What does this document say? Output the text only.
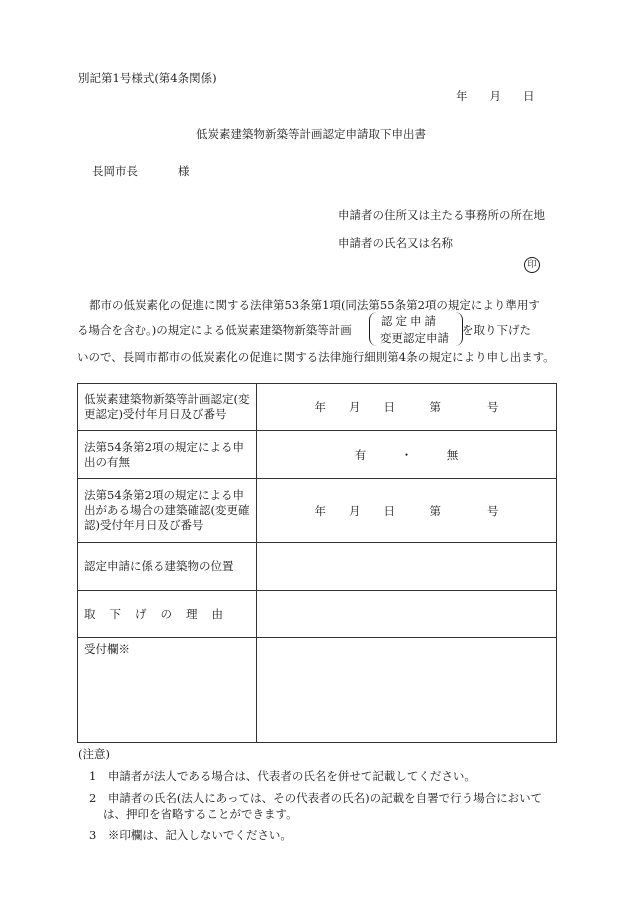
別記第1号様式(第4条関係)
年 月 日
低炭素建築物新築等計画認定申請取下申出書
長岡市長	様
申請者の住所又は主たる事務所の所在地
申請者の氏名又は名称
印
都市の低炭素化の促進に関する法律第53条第1項(同法第55条第2項の規定により準用す
る場合を含む。)の規定による低炭素建築物新築等計画
認定申請
変更認定申請
を取り下げた
いので、長岡市都市の低炭素化の促進に関する法律施行細則第4条の規定により申し出ます。
低炭素建築物新築等計画認定(変更認定)受付年月日及び番号	年　　月　　日　　　第　　　　号
法第54条第2項の規定による申出の有無	有　　　・　　　無
法第54条第2項の規定による申出がある場合の建築確認(変更確認)受付年月日及び番号	年　　月　　日　　　第　　　　号
認定申請に係る建築物の位置	
取下げの理由	
受付欄※	
(注意)
1　申請者が法人である場合は、代表者の氏名を併せて記載してください。
2　申請者の氏名(法人にあっては、その代表者の氏名)の記載を自署で行う場合において
は、押印を省略することができます。
3　※印欄は、記入しないでください。
